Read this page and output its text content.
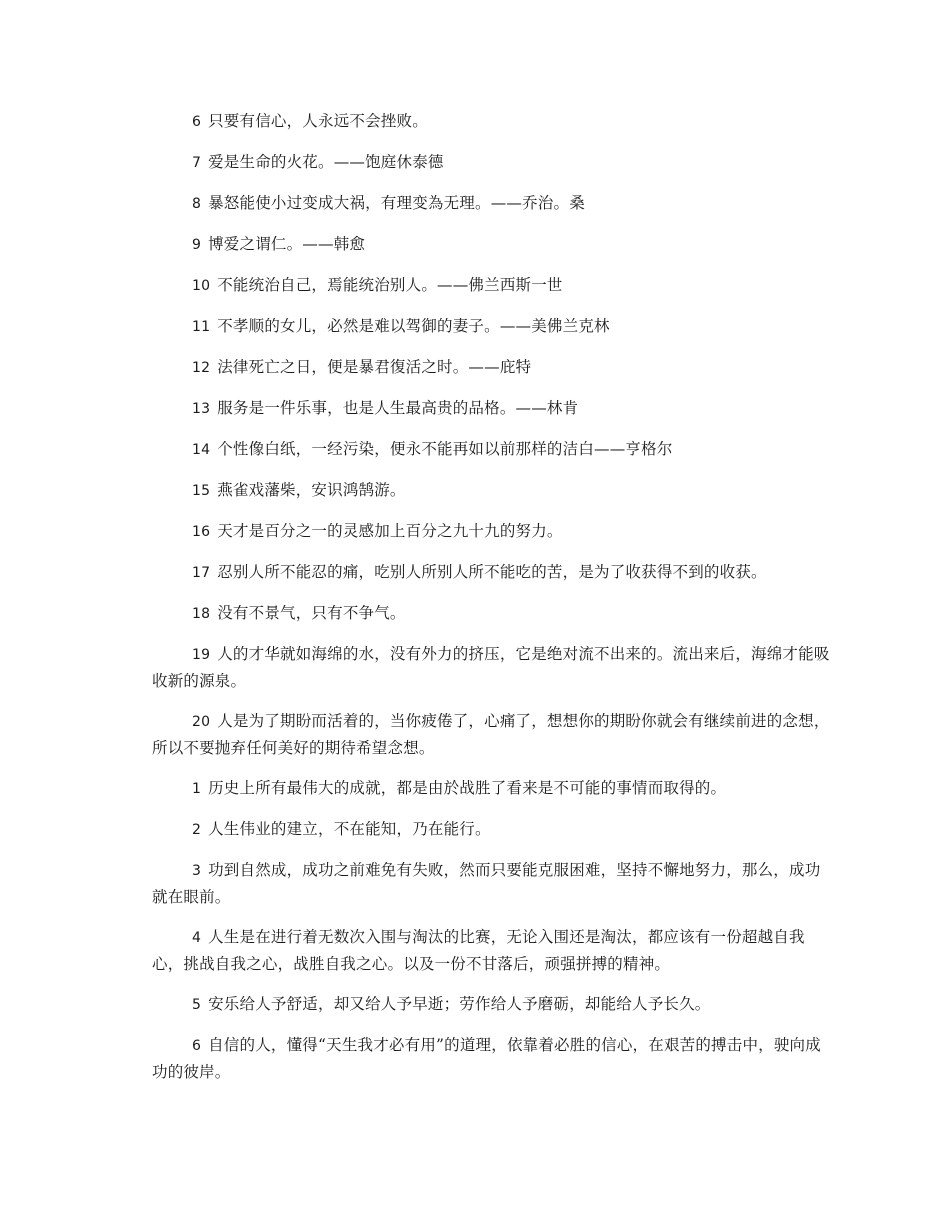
6 只要有信心，人永远不会挫败。

7 爱是生命的火花。——饱庭休泰德

8 暴怒能使小过变成大祸，有理变為无理。——乔治。桑

9 博爱之谓仁。——韩愈

10 不能统治自己，焉能统治别人。——佛兰西斯一世

11 不孝顺的女儿，必然是难以驾御的妻子。——美佛兰克林

12 法律死亡之日，便是暴君復活之时。——庇特

13 服务是一件乐事，也是人生最高贵的品格。——林肯

14 个性像白纸，一经污染，便永不能再如以前那样的洁白——亨格尔

15 燕雀戏藩柴，安识鸿鹄游。

16 天才是百分之一的灵感加上百分之九十九的努力。

17 忍别人所不能忍的痛，吃别人所别人所不能吃的苦，是为了收获得不到的收获。

18 没有不景气，只有不争气。

19 人的才华就如海绵的水，没有外力的挤压，它是绝对流不出来的。流出来后，海绵才能吸收新的源泉。

20 人是为了期盼而活着的，当你疲倦了，心痛了，想想你的期盼你就会有继续前进的念想，所以不要抛弃任何美好的期待希望念想。

1 历史上所有最伟大的成就，都是由於战胜了看来是不可能的事情而取得的。

2 人生伟业的建立，不在能知，乃在能行。

3 功到自然成，成功之前难免有失败，然而只要能克服困难，坚持不懈地努力，那么，成功就在眼前。

4 人生是在进行着无数次入围与淘汰的比赛，无论入围还是淘汰，都应该有一份超越自我心，挑战自我之心，战胜自我之心。以及一份不甘落后，顽强拼搏的精神。

5 安乐给人予舒适，却又给人予早逝；劳作给人予磨砺，却能给人予长久。

6 自信的人，懂得“天生我才必有用”的道理，依靠着必胜的信心，在艰苦的搏击中，驶向成功的彼岸。
